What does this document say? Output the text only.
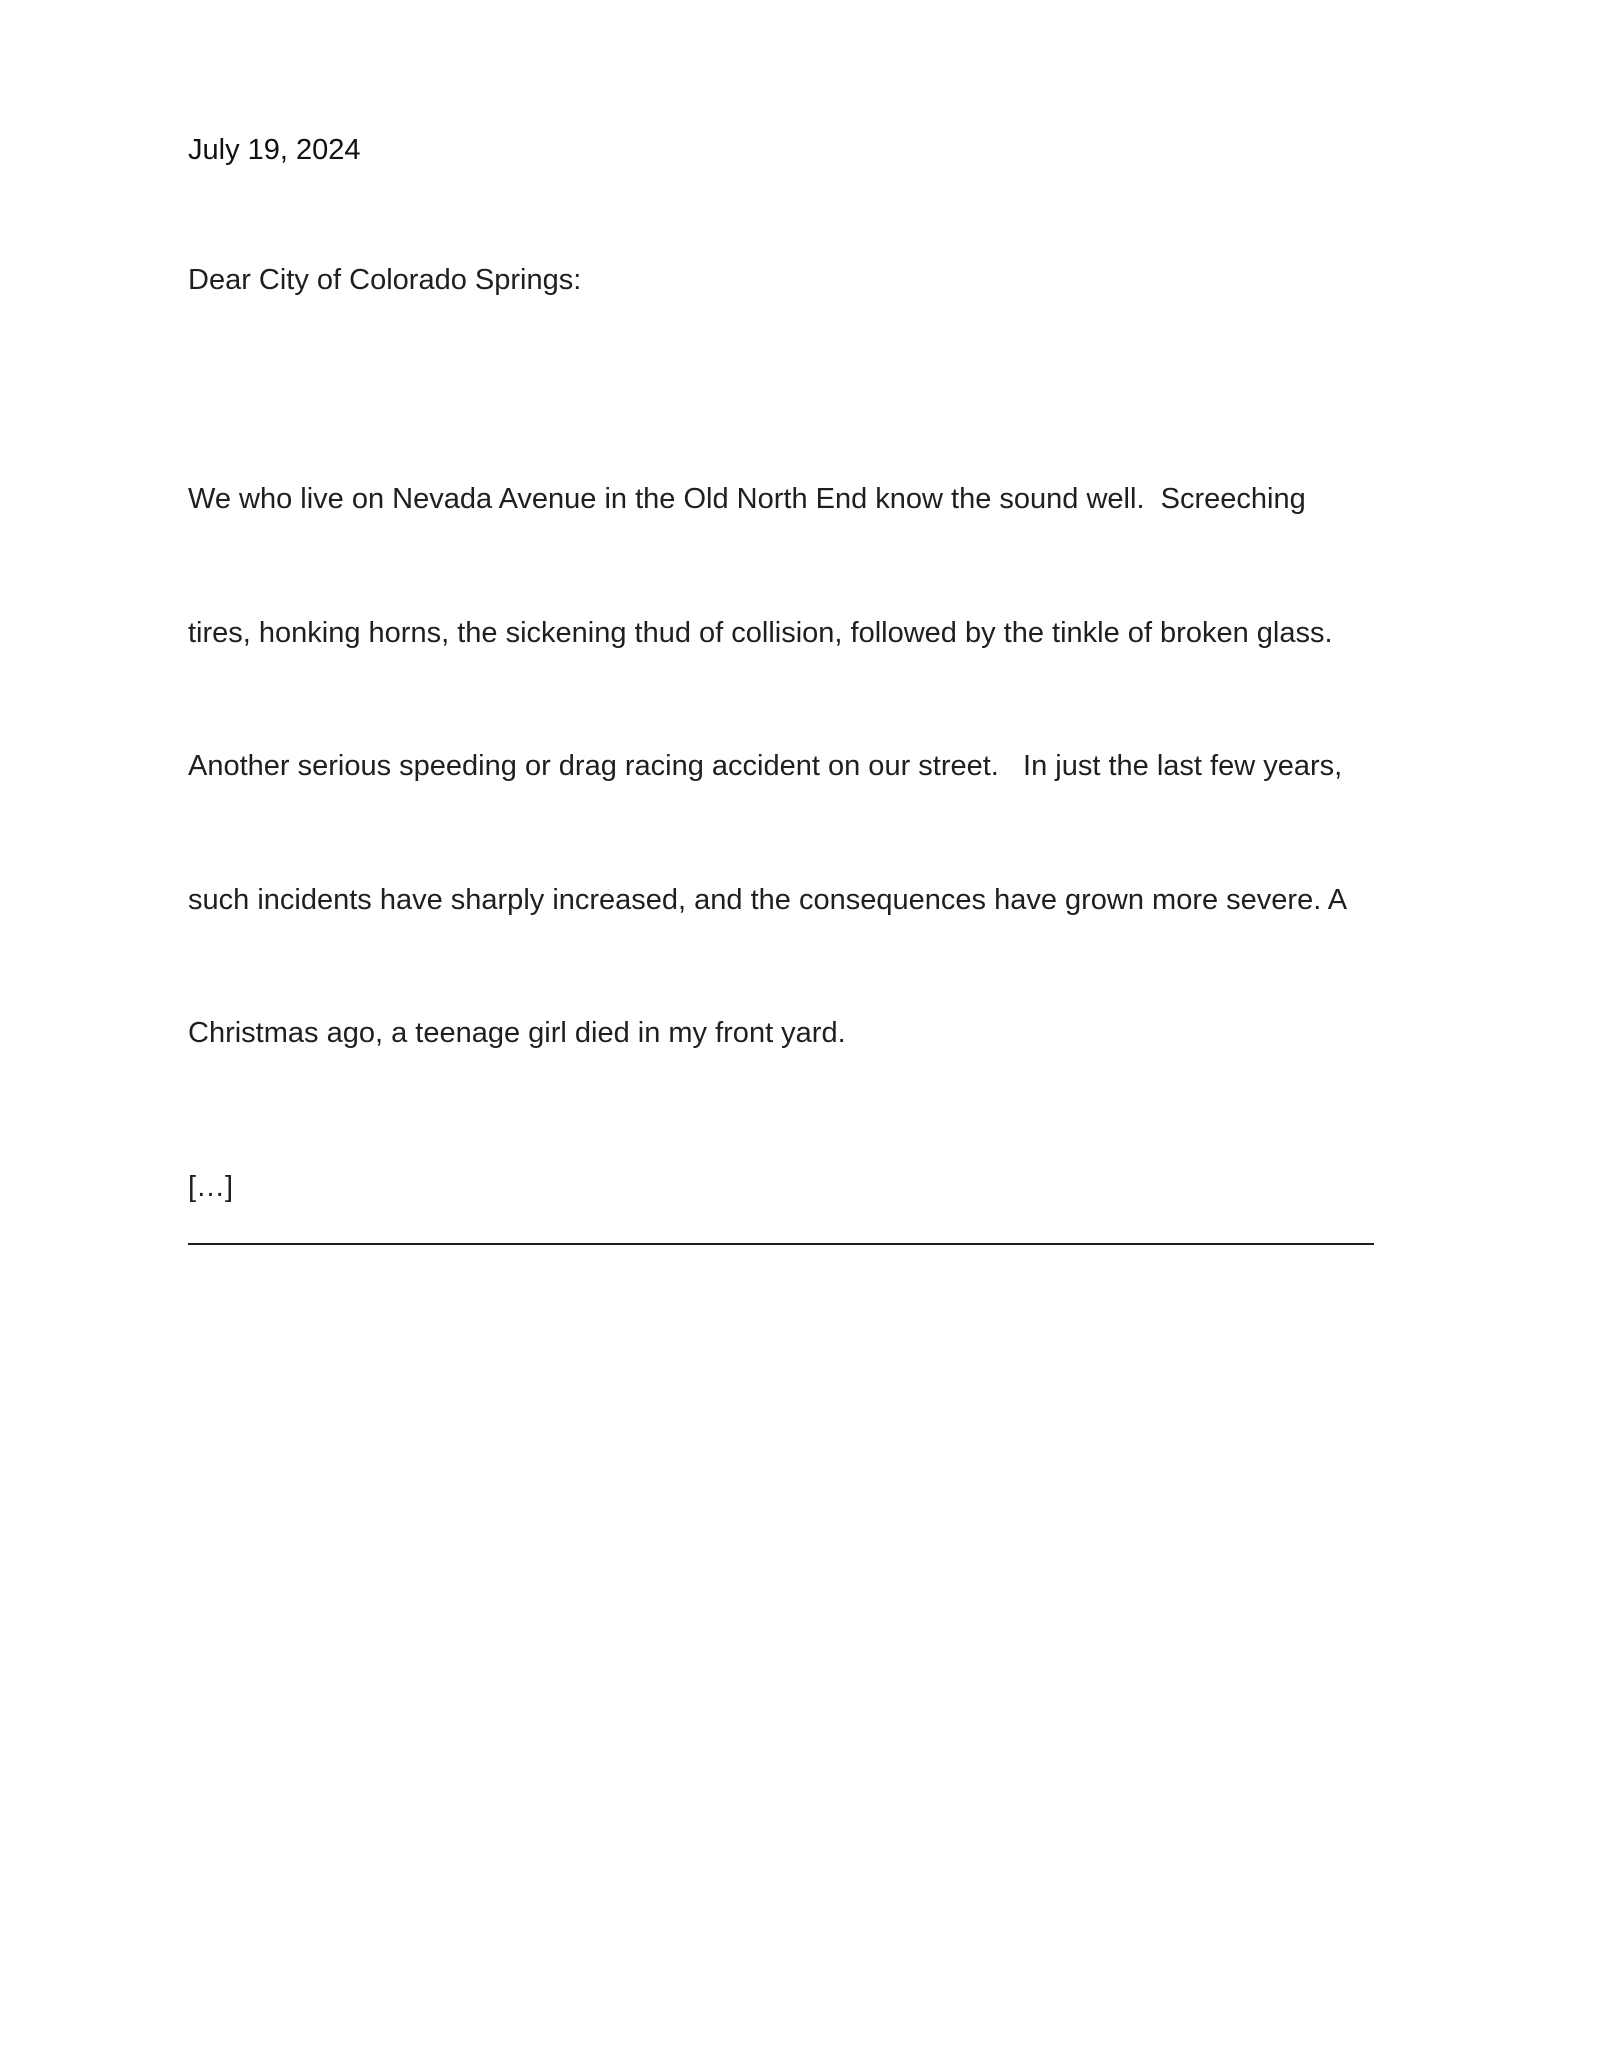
July 19, 2024

Dear City of Colorado Springs:

We who live on Nevada Avenue in the Old North End know the sound well.  Screeching

tires, honking horns, the sickening thud of collision, followed by the tinkle of broken glass.

Another serious speeding or drag racing accident on our street.   In just the last few years,

such incidents have sharply increased, and the consequences have grown more severe. A

Christmas ago, a teenage girl died in my front yard.

[…]
